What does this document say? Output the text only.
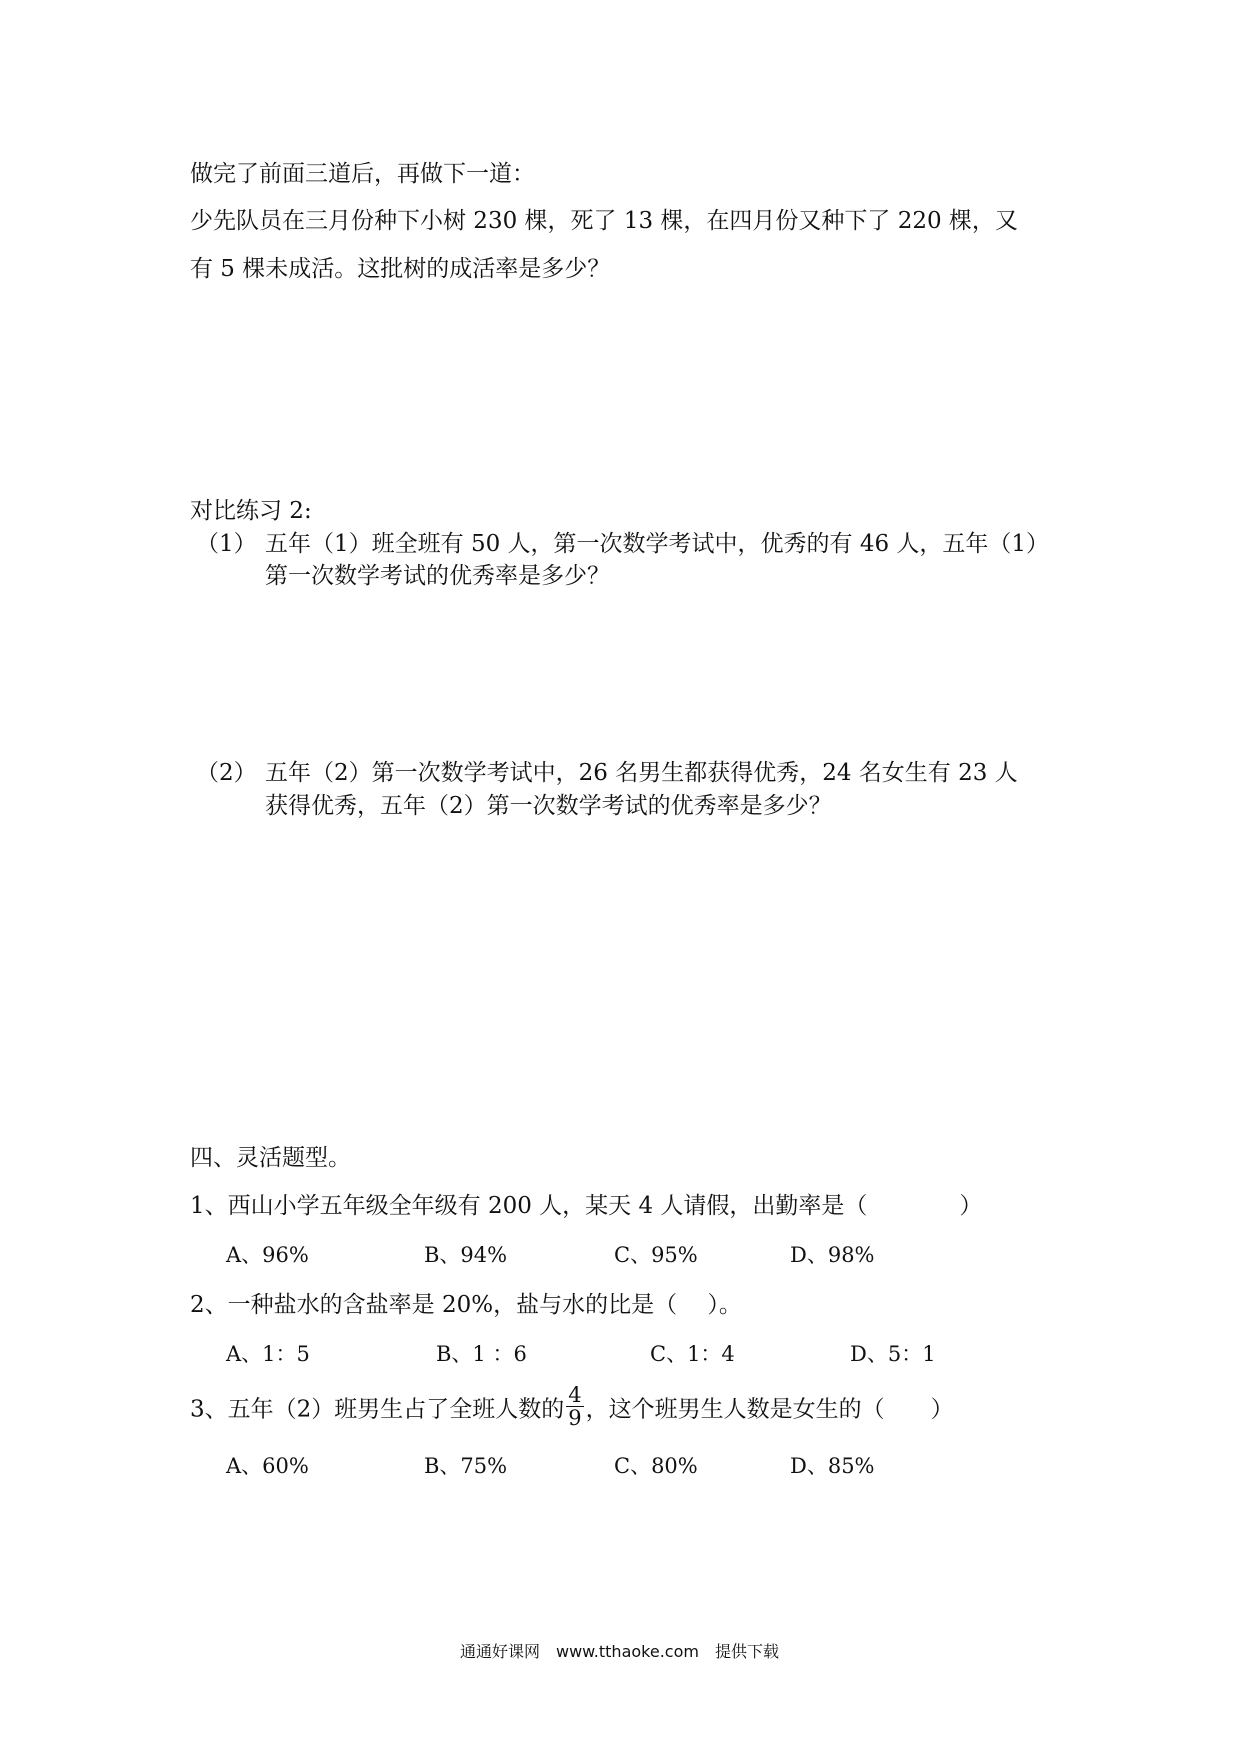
做完了前面三道后，再做下一道：
少先队员在三月份种下小树 230 棵，死了 13 棵，在四月份又种下了 220 棵，又
有 5 棵未成活。这批树的成活率是多少？
对比练习 2:
（1） 五年（1）班全班有 50 人，第一次数学考试中，优秀的有 46 人，五年（1）
第一次数学考试的优秀率是多少？
（2） 五年（2）第一次数学考试中，26 名男生都获得优秀，24 名女生有 23 人
获得优秀，五年（2）第一次数学考试的优秀率是多少？
四、灵活题型。
1、西山小学五年级全年级有 200 人，某天 4 人请假，出勤率是（　　　　）
A、96%	B、94%	C、95%	D、98%
2、一种盐水的含盐率是 20%，盐与水的比是（　 ）。
A、1：5	B、1 ：6	C、1：4	D、5：1
3、五年（2）班男生占了全班人数的 $\frac{4}{9}$ ，这个班男生人数是女生的（　　）
A、60%	B、75%	C、80%	D、85%
通通好课网　www.tthaoke.com　提供下载
